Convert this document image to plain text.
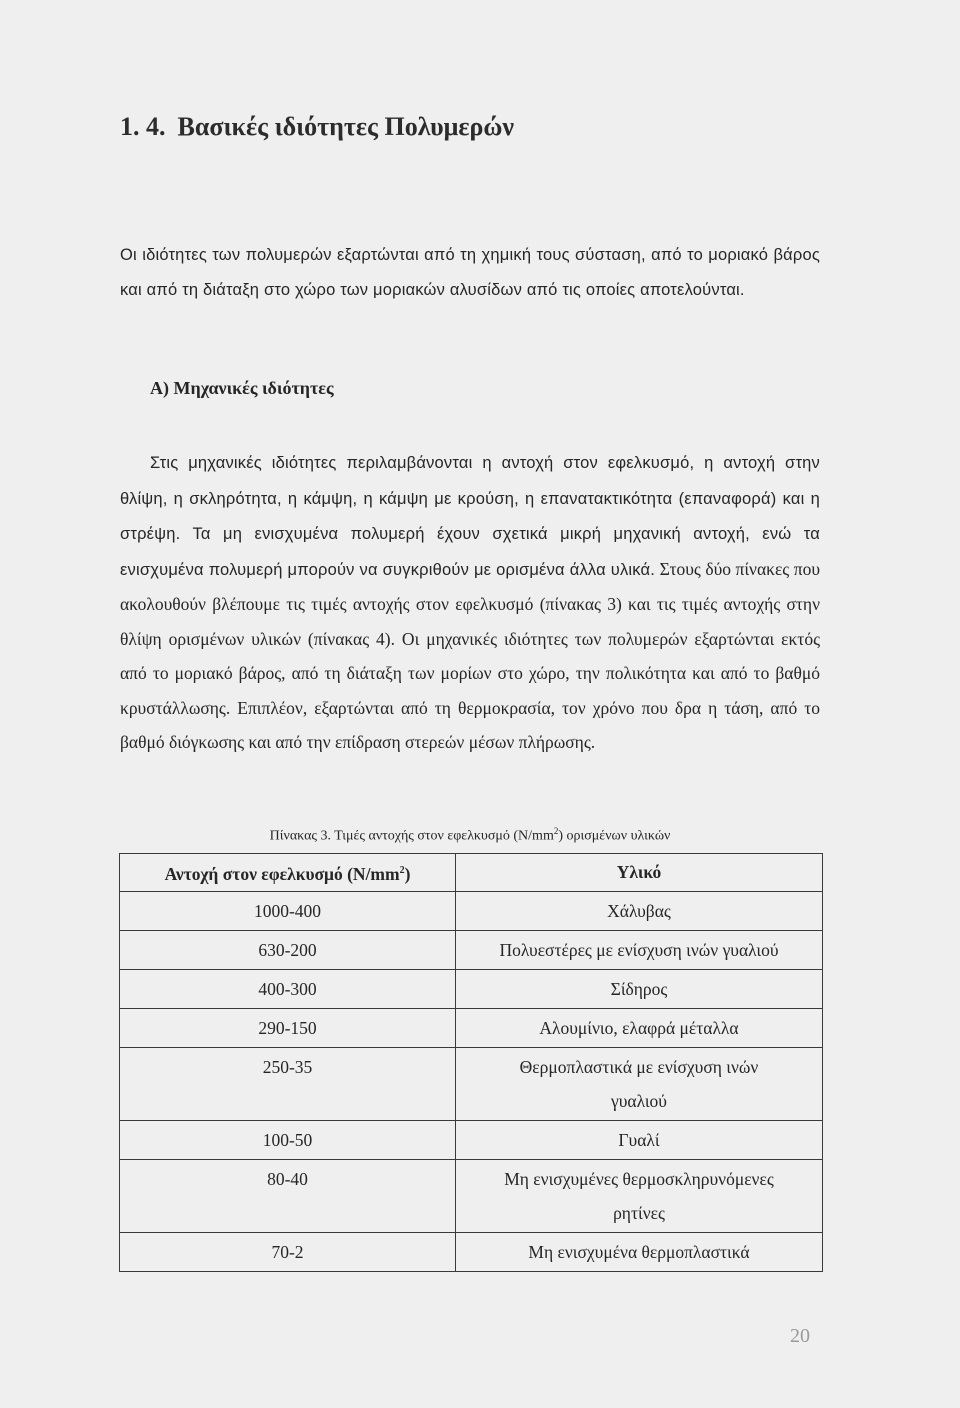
1. 4. Βασικές ιδιότητες Πολυμερών
Οι ιδιότητες των πολυμερών εξαρτώνται από τη χημική τους σύσταση, από το μοριακό βάρος και από τη διάταξη στο χώρο των μοριακών αλυσίδων από τις οποίες αποτελούνται.
Α) Μηχανικές ιδιότητες
Στις μηχανικές ιδιότητες περιλαμβάνονται η αντοχή στον εφελκυσμό, η αντοχή στην θλίψη, η σκληρότητα, η κάμψη, η κάμψη με κρούση, η επανατακτικότητα (επαναφορά) και η στρέψη. Τα μη ενισχυμένα πολυμερή έχουν σχετικά μικρή μηχανική αντοχή, ενώ τα ενισχυμένα πολυμερή μπορούν να συγκριθούν με ορισμένα άλλα υλικά. Στους δύο πίνακες που ακολουθούν βλέπουμε τις τιμές αντοχής στον εφελκυσμό (πίνακας 3) και τις τιμές αντοχής στην θλίψη ορισμένων υλικών (πίνακας 4). Οι μηχανικές ιδιότητες των πολυμερών εξαρτώνται εκτός από το μοριακό βάρος, από τη διάταξη των μορίων στο χώρο, την πολικότητα και από το βαθμό κρυστάλλωσης. Επιπλέον, εξαρτώνται από τη θερμοκρασία, τον χρόνο που δρα η τάση, από το βαθμό διόγκωσης και από την επίδραση στερεών μέσων πλήρωσης.
Πίνακας 3. Τιμές αντοχής στον εφελκυσμό $(N/mm^2)$ ορισμένων υλικών
Αντοχή στον εφελκυσμό $(N/mm^2)$	Υλικό
1000-400	Χάλυβας
630-200	Πολυεστέρες με ενίσχυση ινών γυαλιού
400-300	Σίδηρος
290-150	Αλουμίνιο, ελαφρά μέταλλα
250-35	Θερμοπλαστικά με ενίσχυση ινών γυαλιού
100-50	Γυαλί
80-40	Μη ενισχυμένες θερμοσκληρυνόμενες ρητίνες
70-2	Μη ενισχυμένα θερμοπλαστικά
20
